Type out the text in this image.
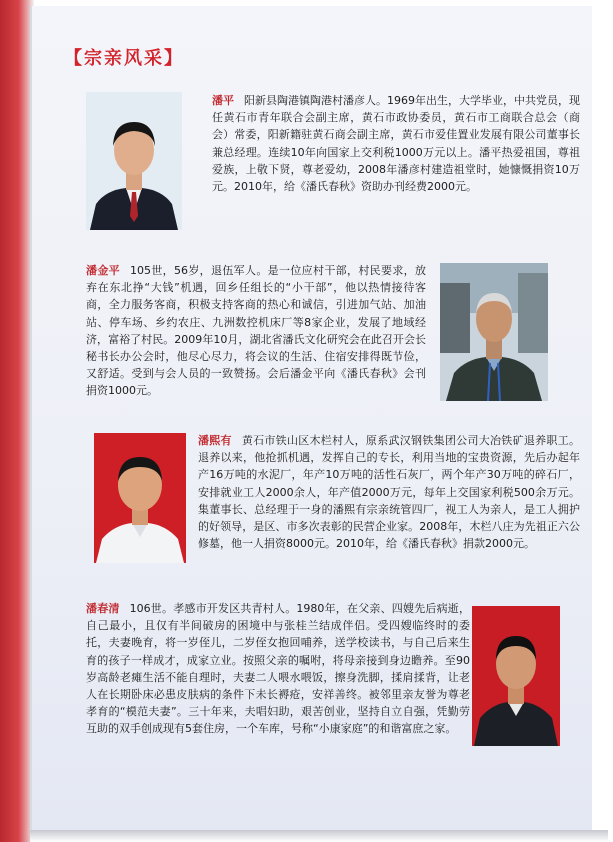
【宗亲风采】

潘平 阳新县陶港镇陶港村潘彦人。1969年出生，大学毕业，中共党员，现任黄石市青年联合会副主席，黄石市政协委员，黄石市工商联合总会（商会）常委，阳新籍驻黄石商会副主席，黄石市爱佳置业发展有限公司董事长兼总经理。连续10年向国家上交利税1000万元以上。潘平热爱祖国，尊祖爱族，上敬下贤，尊老爱幼，2008年潘彦村建造祖堂时，她慷慨捐资10万元。2010年，给《潘氏春秋》资助办刊经费2000元。

潘金平 105世，56岁，退伍军人。是一位应村干部，村民要求，放弃在东北挣“大钱”机遇，回乡任组长的“小干部”，他以热情接待客商，全力服务客商，积极支持客商的热心和诚信，引进加气站、加油站、停车场、乡约农庄、九洲数控机床厂等8家企业，发展了地域经济，富裕了村民。2009年10月，湖北省潘氏文化研究会在此召开会长秘书长办公会时，他尽心尽力，将会议的生活、住宿安排得既节俭，又舒适。受到与会人员的一致赞扬。会后潘金平向《潘氏春秋》会刊捐资1000元。

潘熙有 黄石市铁山区木栏村人，原系武汉钢铁集团公司大冶铁矿退养职工。退养以来，他抢抓机遇，发挥自己的专长，利用当地的宝贵资源，先后办起年产16万吨的水泥厂，年产10万吨的活性石灰厂，两个年产30万吨的碎石厂，安排就业工人2000余人，年产值2000万元，每年上交国家利税500余万元。集董事长、总经理于一身的潘熙有宗亲统管四厂，视工人为亲人，是工人拥护的好领导，是区、市多次表彰的民营企业家。2008年，木栏八庄为先祖正六公修墓，他一人捐资8000元。2010年，给《潘氏春秋》捐款2000元。

潘春清 106世。孝感市开发区共青村人。1980年，在父亲、四嫂先后病逝，自己最小，且仅有半间破房的困境中与张桂兰结成伴侣。受四嫂临终时的委托，夫妻晚育，将一岁侄儿，二岁侄女抱回哺养，送学校读书，与自己后来生育的孩子一样成才，成家立业。按照父亲的嘱咐，将母亲接到身边瞻养。至90岁高龄老瘫生活不能自理时，夫妻二人喂水喂饭，擦身洗脚，揉肩揉背，让老人在长期卧床必患皮肤病的条件下未长褥疮，安祥善终。被邻里亲友誉为尊老孝育的“模范夫妻”。三十年来，夫唱妇助，艰苦创业，坚持自立自强，凭勤劳互助的双手创成现有5套住房，一个车库，号称“小康家庭”的和谐富庶之家。
